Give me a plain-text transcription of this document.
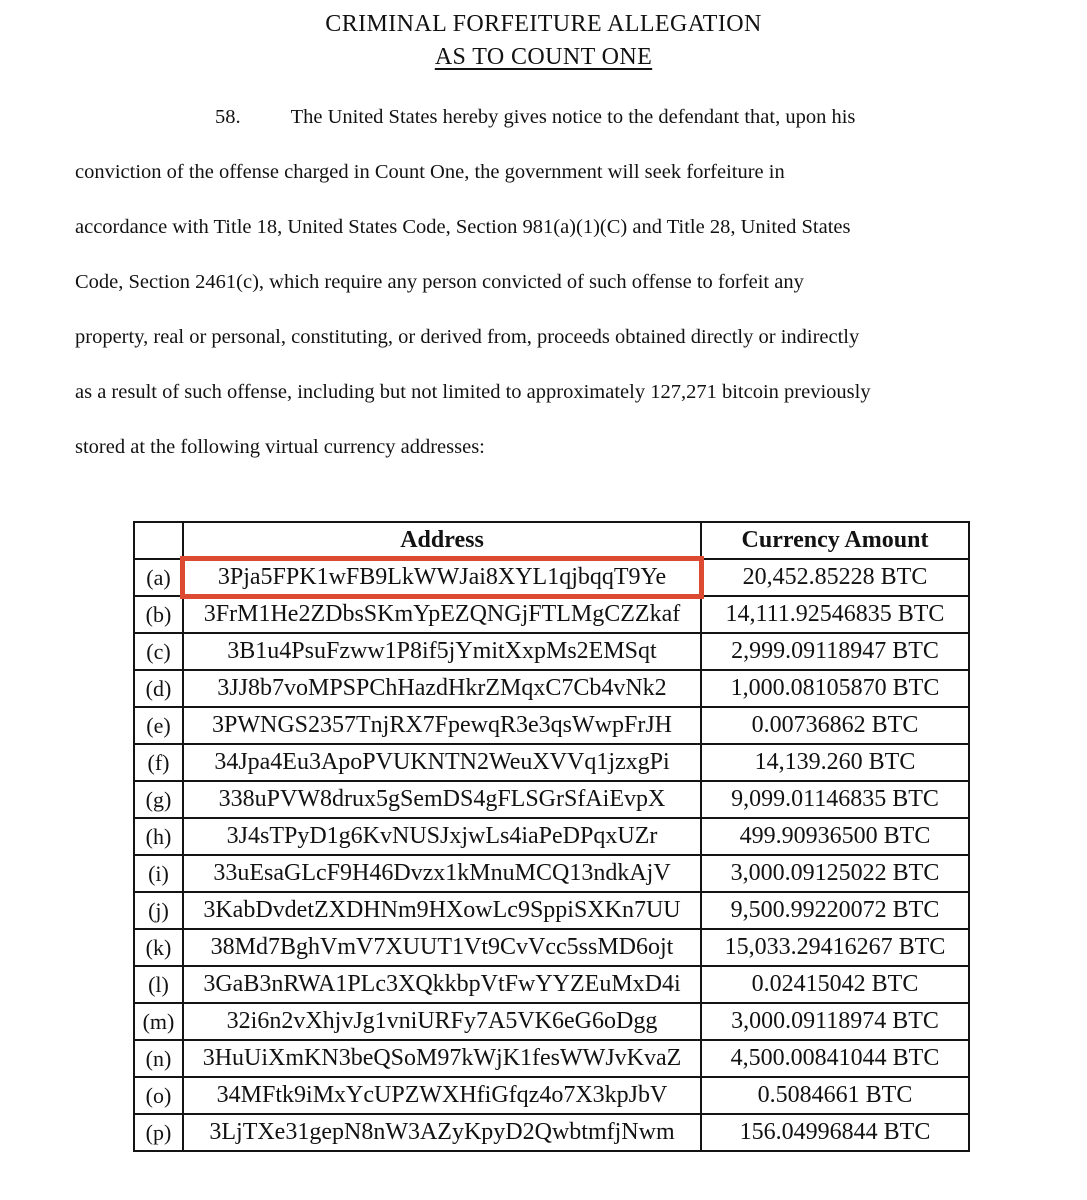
CRIMINAL FORFEITURE ALLEGATION
AS TO COUNT ONE
58. The United States hereby gives notice to the defendant that, upon his
conviction of the offense charged in Count One, the government will seek forfeiture in
accordance with Title 18, United States Code, Section 981(a)(1)(C) and Title 28, United States
Code, Section 2461(c), which require any person convicted of such offense to forfeit any
property, real or personal, constituting, or derived from, proceeds obtained directly or indirectly
as a result of such offense, including but not limited to approximately 127,271 bitcoin previously
stored at the following virtual currency addresses:
	Address	Currency Amount
(a)	3Pja5FPK1wFB9LkWWJai8XYL1qjbqqT9Ye	20,452.85228 BTC
(b)	3FrM1He2ZDbsSKmYpEZQNGjFTLMgCZZkaf	14,111.92546835 BTC
(c)	3B1u4PsuFzww1P8if5jYmitXxpMs2EMSqt	2,999.09118947 BTC
(d)	3JJ8b7voMPSPChHazdHkrZMqxC7Cb4vNk2	1,000.08105870 BTC
(e)	3PWNGS2357TnjRX7FpewqR3e3qsWwpFrJH	0.00736862 BTC
(f)	34Jpa4Eu3ApoPVUKNTN2WeuXVVq1jzxgPi	14,139.260 BTC
(g)	338uPVW8drux5gSemDS4gFLSGrSfAiEvpX	9,099.01146835 BTC
(h)	3J4sTPyD1g6KvNUSJxjwLs4iaPeDPqxUZr	499.90936500 BTC
(i)	33uEsaGLcF9H46Dvzx1kMnuMCQ13ndkAjV	3,000.09125022 BTC
(j)	3KabDvdetZXDHNm9HXowLc9SppiSXKn7UU	9,500.99220072 BTC
(k)	38Md7BghVmV7XUUT1Vt9CvVcc5ssMD6ojt	15,033.29416267 BTC
(l)	3GaB3nRWA1PLc3XQkkbpVtFwYYZEuMxD4i	0.02415042 BTC
(m)	32i6n2vXhjvJg1vniURFy7A5VK6eG6oDgg	3,000.09118974 BTC
(n)	3HuUiXmKN3beQSoM97kWjK1fesWWJvKvaZ	4,500.00841044 BTC
(o)	34MFtk9iMxYcUPZWXHfiGfqz4o7X3kpJbV	0.5084661 BTC
(p)	3LjTXe31gepN8nW3AZyKpyD2QwbtmfjNwm	156.04996844 BTC
